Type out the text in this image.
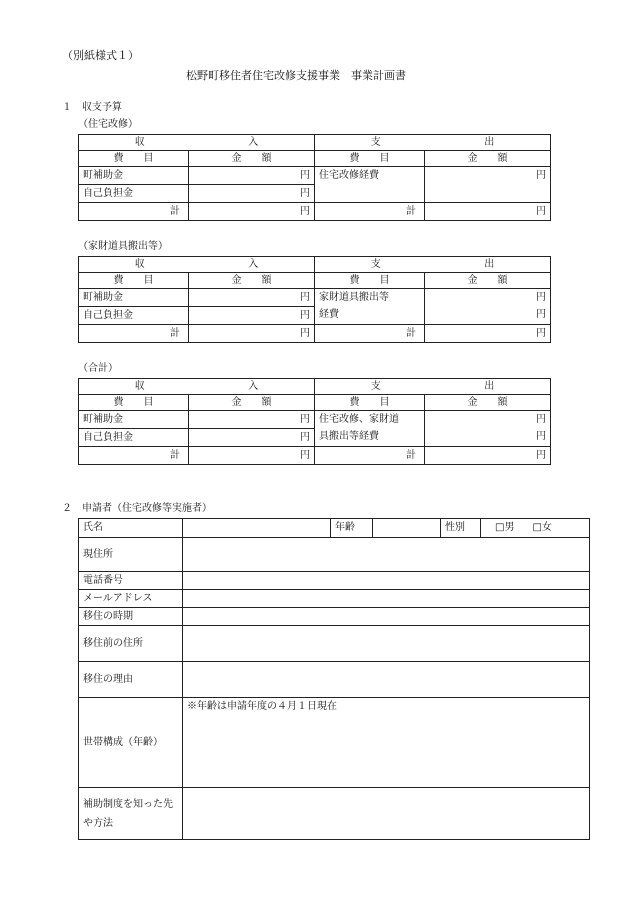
（別紙様式１）
松野町移住者住宅改修支援事業　事業計画書
１　収支予算
（住宅改修）
収 入		支 出	
費　　目	金　　額	費　　目	金　　額
町補助金	円	住宅改修経費	円
自己負担金	円		
計	円	計	円
（家財道具搬出等）
収 入		支 出	
費　　目	金　　額	費　　目	金　　額
町補助金	円	家財道具搬出等	円
自己負担金	円	経費	円
計	円	計	円
（合計）
収 入		支 出	
費　　目	金　　額	費　　目	金　　額
町補助金	円	住宅改修、家財道	円
自己負担金	円	具搬出等経費	円
計	円	計	円
２　申請者（住宅改修等実施者）
氏名		年齢		性別	□男 □女
現住所					
電話番号					
メールアドレス					
移住の時期					
移住前の住所					
移住の理由					
世帯構成（年齢）	※年齢は申請年度の４月１日現在				
補助制度を知った先や方法					
